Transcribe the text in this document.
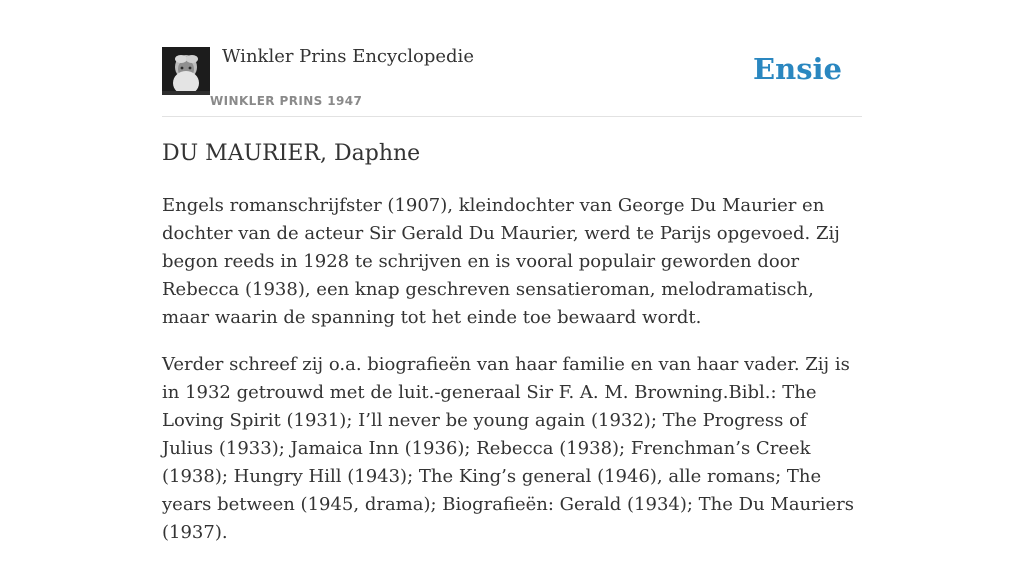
Winkler Prins Encyclopedie
WINKLER PRINS 1947
Ensie
DU MAURIER, Daphne

Engels romanschrijfster (1907), kleindochter van George Du Maurier en dochter van de acteur Sir Gerald Du Maurier, werd te Parijs opgevoed. Zij begon reeds in 1928 te schrijven en is vooral populair geworden door Rebecca (1938), een knap geschreven sensatieroman, melodramatisch, maar waarin de spanning tot het einde toe bewaard wordt.

Verder schreef zij o.a. biografieën van haar familie en van haar vader. Zij is in 1932 getrouwd met de luit.-generaal Sir F. A. M. Browning.Bibl.: The Loving Spirit (1931); I’ll never be young again (1932); The Progress of Julius (1933); Jamaica Inn (1936); Rebecca (1938); Frenchman’s Creek (1938); Hungry Hill (1943); The King’s general (1946), alle romans; The years between (1945, drama); Biografieën: Gerald (1934); The Du Mauriers (1937).
